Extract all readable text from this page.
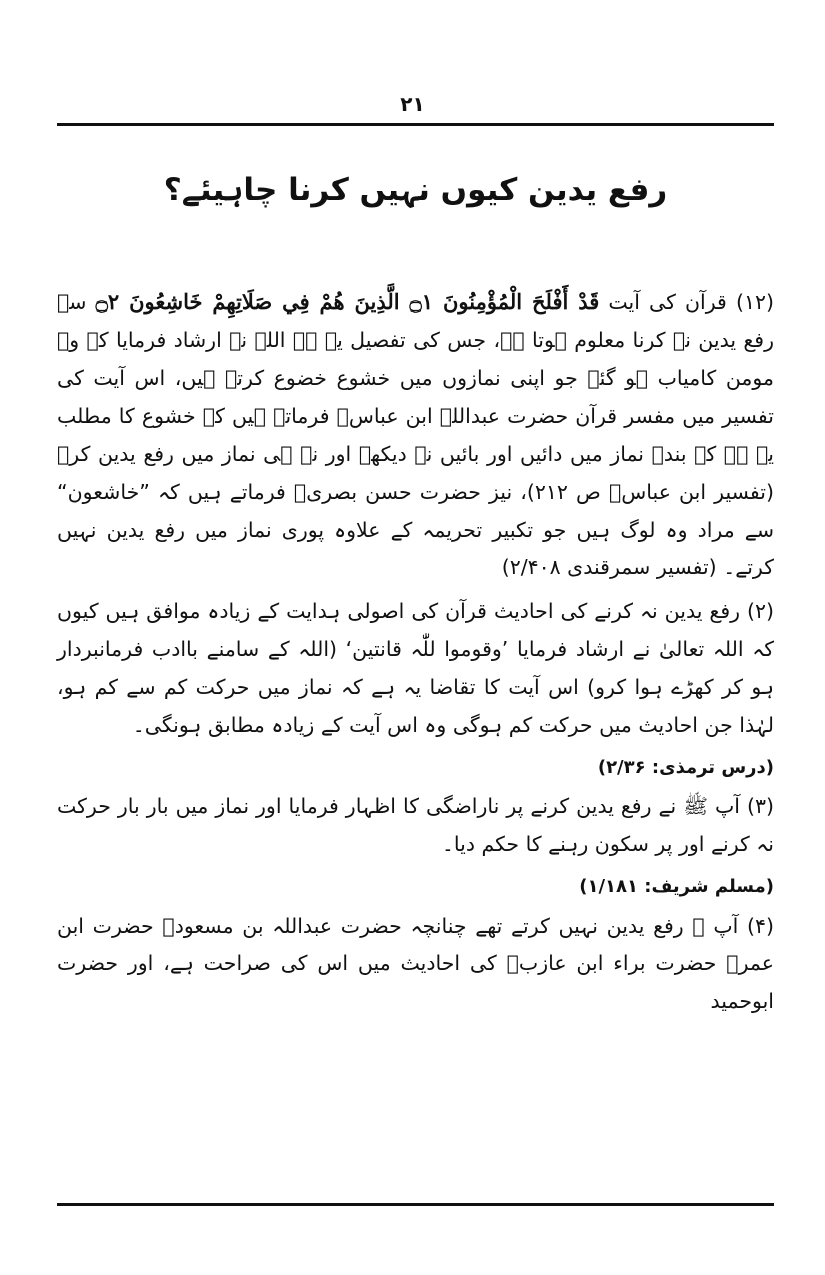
۲۱
رفع یدین کیوں نہیں کرنا چاہیئے؟

(۱۲) قرآن کی آیت قَدْ أَفْلَحَ الْمُؤْمِنُونَ ۝١ الَّذِينَ هُمْ فِي صَلَاتِهِمْ خَاشِعُونَ ۝٢ سے رفع یدین نہ کرنا معلوم ہوتا ہے، جس کی تفصیل یہ ہے اللہ نے ارشاد فرمایا کہ وہ مومن کامیاب ہو گئے جو اپنی نمازوں میں خشوع خضوع کرتے ہیں، اس آیت کی تفسیر میں مفسر قرآن حضرت عبداللہ ابن عباسؓ فرماتے ہیں کہ خشوع کا مطلب یہ ہے کہ بندہ نماز میں دائیں اور بائیں نہ دیکھے اور نہ ہی نماز میں رفع یدین کرے (تفسیر ابن عباسؓ ص ۲۱۲)، نیز حضرت حسن بصریؒ فرماتے ہیں کہ ”خاشعون“ سے مراد وہ لوگ ہیں جو تکبیر تحریمہ کے علاوہ پوری نماز میں رفع یدین نہیں کرتے۔ (تفسیر سمرقندی ۲/۴۰۸)

(۲) رفع یدین نہ کرنے کی احادیث قرآن کی اصولی ہدایت کے زیادہ موافق ہیں کیوں کہ اللہ تعالیٰ نے ارشاد فرمایا ’وقوموا للّٰہ قانتین‘ (اللہ کے سامنے باادب فرمانبردار ہو کر کھڑے ہوا کرو) اس آیت کا تقاضا یہ ہے کہ نماز میں حرکت کم سے کم ہو، لہٰذا جن احادیث میں حرکت کم ہوگی وہ اس آیت کے زیادہ مطابق ہونگی۔

(درس ترمذی: ۲/۳۶)

(۳) آپ ﷺ نے رفع یدین کرنے پر ناراضگی کا اظہار فرمایا اور نماز میں بار بار حرکت نہ کرنے اور پر سکون رہنے کا حکم دیا۔

(مسلم شریف: ۱/۱۸۱)

(۴) آپ ﷺ رفع یدین نہیں کرتے تھے چنانچہ حضرت عبداللہ بن مسعودؓ حضرت ابن عمرؓ حضرت براء ابن عازبؓ کی احادیث میں اس کی صراحت ہے، اور حضرت ابوحمید
